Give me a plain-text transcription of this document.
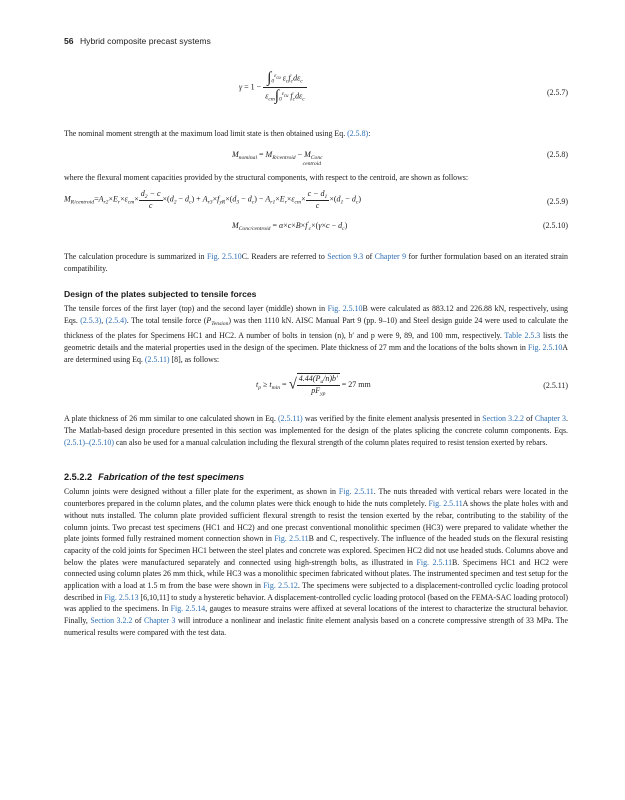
56 Hybrid composite precast systems
$\gamma = 1 - \frac{\int_0^{\varepsilon_{cu}} \varepsilon_cf_cd\varepsilon_c}{\varepsilon_{cm}\int_0^{\varepsilon_{cu}} f_cd\varepsilon_c}$	(2.5.7)

The nominal moment strength at the maximum load limit state is then obtained using Eq. (2.5.8):

$M_{nominal} = M_{R/centroid} - M_{Conc}$ $_{centroid}$
(2.5.8)

where the flexural moment capacities provided by the structural components, with respect to the centroid, are shown as follows:

$M_{R/centroid}=A_{r2}\times E_r\times\varepsilon_{cm}\times \frac{d_2 - c}{c} \times(d_2 - d_c) + A_{r3}\times f_{yR}\times(d_3 - d_c) - A_{r1}\times E_r\times\varepsilon_{cm}\times \frac{c - d_1}{c} \times(d_1 - d_c)$	(2.5.9)
$M_{Conc/centroid} = \alpha\times c\times B\times f'_c\times(\gamma\times c - d_c)$	(2.5.10)

The calculation procedure is summarized in Fig. 2.5.10C. Readers are referred to Section 9.3 of Chapter 9 for further formulation based on an iterated strain compatibility.

Design of the plates subjected to tensile forces

The tensile forces of the first layer (top) and the second layer (middle) shown in Fig. 2.5.10B were calculated as 883.12 and 226.88 kN, respectively, using Eqs. (2.5.3), (2.5.4). The total tensile force $(P_{Tension})$ was then 1110 kN. AISC Manual Part 9 (pp. 9–10) and Steel design guide 24 were used to calculate the thickness of the plates for Specimens HC1 and HC2. A number of bolts in tension (n), b′ and p were 9, 89, and 100 mm, respectively. Table 2.5.3 lists the geometric details and the material properties used in the design of the specimen. Plate thickness of 27 mm and the locations of the bolts shown in Fig. 2.5.10A are determined using Eq. (2.5.11) [8], as follows:

$t_p \ge t_{min}$ = √ $\frac{4.44(P_u/n)b'}{pF_{yp}} = 27$ mm	(2.5.11)

A plate thickness of 26 mm similar to one calculated shown in Eq. (2.5.11) was verified by the finite element analysis presented in Section 3.2.2 of Chapter 3. The Matlab-based design procedure presented in this section was implemented for the design of the plates splicing the concrete column components. Eqs. (2.5.1)–(2.5.10) can also be used for a manual calculation including the flexural strength of the column plates required to resist tension exerted by rebars.

2.5.2.2 Fabrication of the test specimens

Column joints were designed without a filler plate for the experiment, as shown in Fig. 2.5.11. The nuts threaded with vertical rebars were located in the counterbores prepared in the column plates, and the column plates were thick enough to hide the nuts completely. Fig. 2.5.11A shows the plate holes with and without nuts installed. The column plate provided sufficient flexural strength to resist the tension exerted by the rebar, contributing to the stability of the column joints. Two precast test specimens (HC1 and HC2) and one precast conventional monolithic specimen (HC3) were prepared to validate whether the plate joints formed fully restrained moment connection shown in Fig. 2.5.11B and C, respectively. The influence of the headed studs on the flexural resisting capacity of the cold joints for Specimen HC1 between the steel plates and concrete was explored. Specimen HC2 did not use headed studs. Columns above and below the plates were manufactured separately and connected using high-strength bolts, as illustrated in Fig. 2.5.11B. Specimens HC1 and HC2 were connected using column plates 26 mm thick, while HC3 was a monolithic specimen fabricated without plates. The instrumented specimen and test setup for the application with a load at 1.5 m from the base were shown in Fig. 2.5.12. The specimens were subjected to a displacement-controlled cyclic loading protocol described in Fig. 2.5.13 [6,10,11] to study a hysteretic behavior. A displacement-controlled cyclic loading protocol (based on the FEMA-SAC loading protocol) was applied to the specimens. In Fig. 2.5.14, gauges to measure strains were affixed at several locations of the interest to characterize the structural behavior. Finally, Section 3.2.2 of Chapter 3 will introduce a nonlinear and inelastic finite element analysis based on a concrete compressive strength of 33 MPa. The numerical results were compared with the test data.
